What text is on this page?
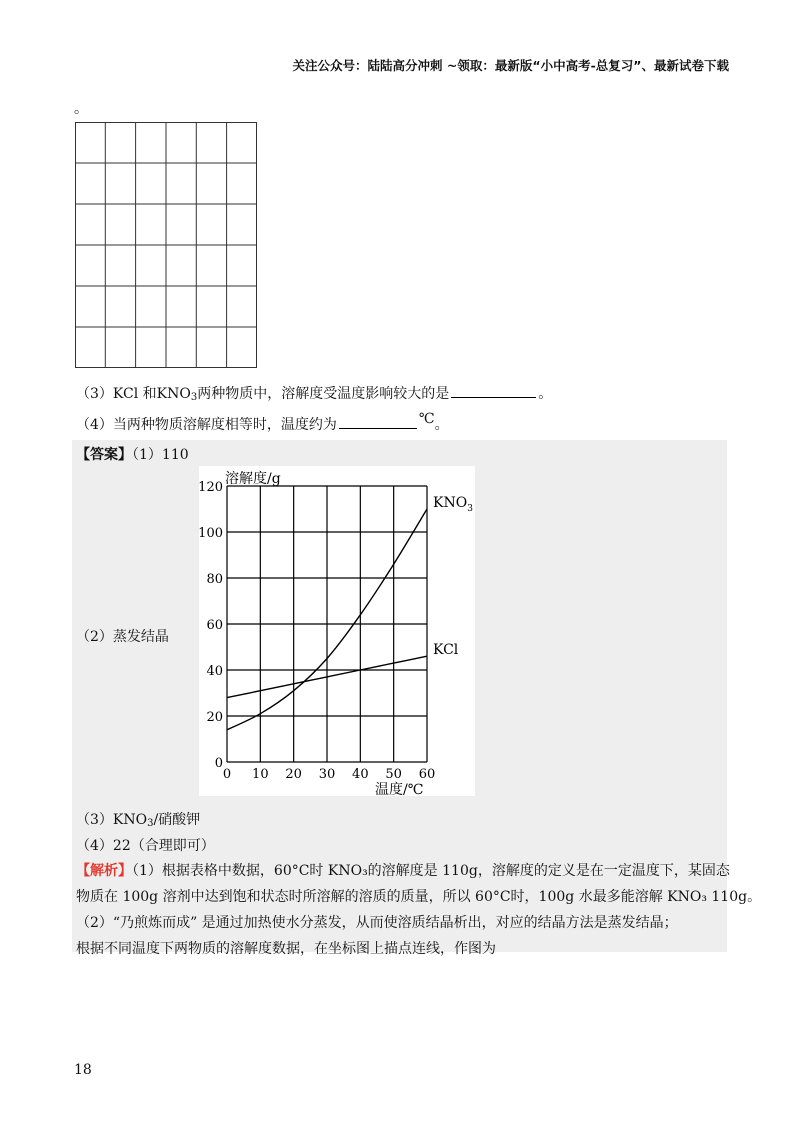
关注公众号：陆陆高分冲刺 ~领取：最新版“小中高考-总复习”、最新试卷下载
。
（3）KCl 和$KNO_3$两种物质中，溶解度受温度影响较大的是	。
（4）当两种物质溶解度相等时，温度约为	℃。
【答案】（1）110
（2）蒸发结晶
0 10 20 30 40 50 60
0
20
40
60
80
100
120
溶解度/g
温度/℃
$KNO_3$
KCl
$(3)KNO_3/$硝酸钾
（4）22（合理即可）
【解析】（1）根据表格中数据，60°C时 KNO₃的溶解度是 110g，溶解度的定义是在一定温度下，某固态
物质在 100g 溶剂中达到饱和状态时所溶解的溶质的质量，所以 60°C时，100g 水最多能溶解 KNO₃ 110g。
（2）“乃煎炼而成” 是通过加热使水分蒸发，从而使溶质结晶析出，对应的结晶方法是蒸发结晶；
根据不同温度下两物质的溶解度数据，在坐标图上描点连线，作图为
18
